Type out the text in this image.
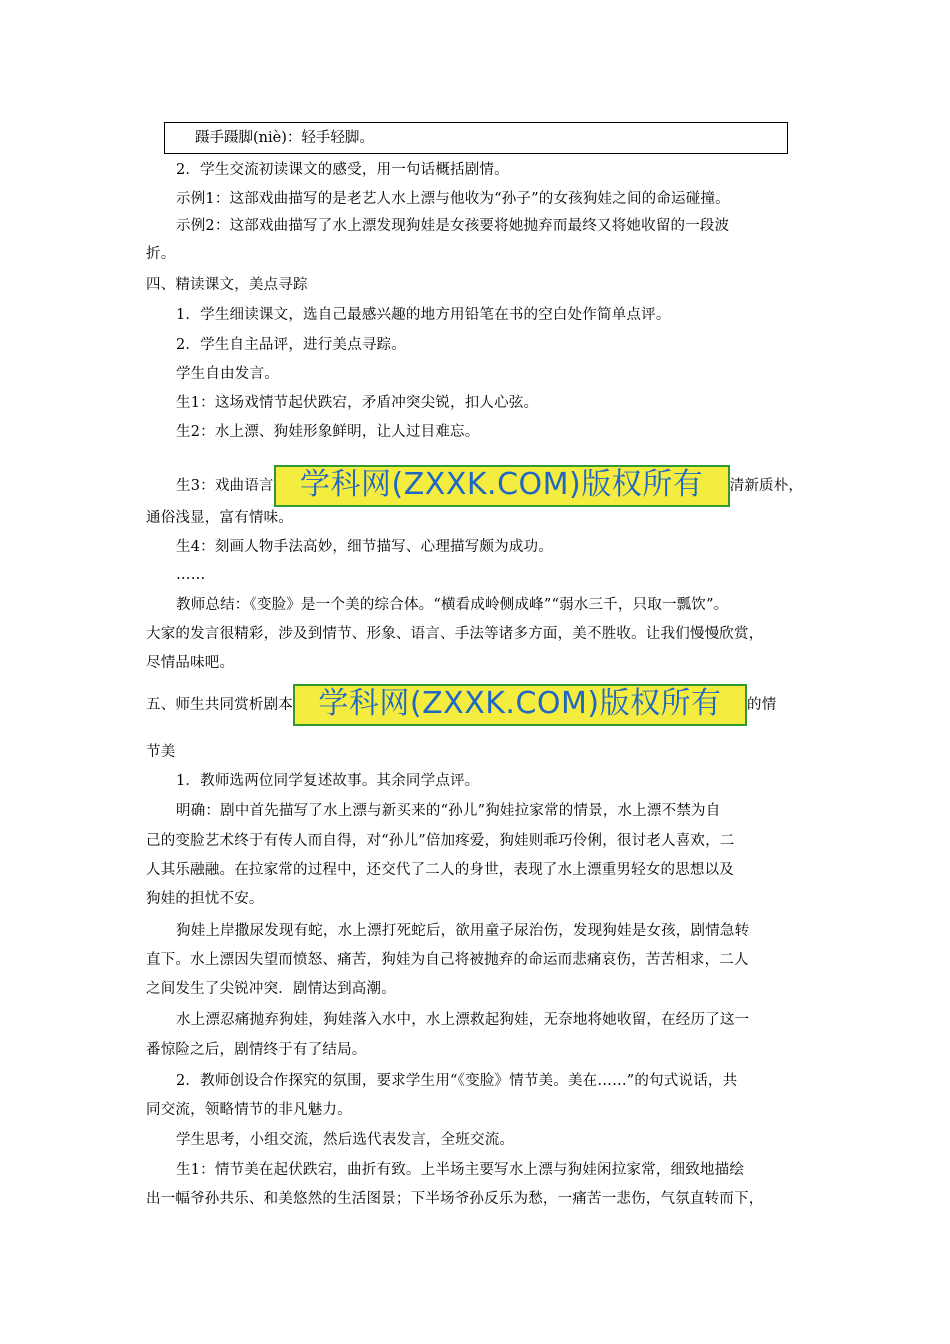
蹑手蹑脚(niè)：轻手轻脚。
2．学生交流初读课文的感受，用一句话概括剧情。
示例1：这部戏曲描写的是老艺人水上漂与他收为“孙子”的女孩狗娃之间的命运碰撞。
示例2：这部戏曲描写了水上漂发现狗娃是女孩要将她抛弃而最终又将她收留的一段波
折。
四、精读课文，美点寻踪
1．学生细读课文，选自己最感兴趣的地方用铅笔在书的空白处作简单点评。
2．学生自主品评，进行美点寻踪。
学生自由发言。
生1：这场戏情节起伏跌宕，矛盾冲突尖锐，扣人心弦。
生2：水上漂、狗娃形象鲜明，让人过目难忘。
生3：戏曲语言 学科网(ZXXK.COM)版权所有 清新质朴，
通俗浅显，富有情味。
生4：刻画人物手法高妙，细节描写、心理描写颇为成功。
……
教师总结：《变脸》是一个美的综合体。“横看成岭侧成峰”“弱水三千，只取一瓢饮”。
大家的发言很精彩，涉及到情节、形象、语言、手法等诸多方面，美不胜收。让我们慢慢欣赏，
尽情品味吧。
五、师生共同赏析剧本 学科网(ZXXK.COM)版权所有 的情
节美
1．教师选两位同学复述故事。其余同学点评。
明确：剧中首先描写了水上漂与新买来的“孙儿”狗娃拉家常的情景，水上漂不禁为自
己的变脸艺术终于有传人而自得，对“孙儿”倍加疼爱，狗娃则乖巧伶俐，很讨老人喜欢，二
人其乐融融。在拉家常的过程中，还交代了二人的身世，表现了水上漂重男轻女的思想以及
狗娃的担忧不安。
狗娃上岸撒尿发现有蛇，水上漂打死蛇后，欲用童子尿治伤，发现狗娃是女孩，剧情急转
直下。水上漂因失望而愤怒、痛苦，狗娃为自己将被抛弃的命运而悲痛哀伤，苦苦相求，二人
之间发生了尖锐冲突．剧情达到高潮。
水上漂忍痛抛弃狗娃，狗娃落入水中，水上漂救起狗娃，无奈地将她收留，在经历了这一
番惊险之后，剧情终于有了结局。
2．教师创设合作探究的氛围，要求学生用“《变脸》情节美。美在……”的句式说话，共
同交流，领略情节的非凡魅力。
学生思考，小组交流，然后选代表发言，全班交流。
生1：情节美在起伏跌宕，曲折有致。上半场主要写水上漂与狗娃闲拉家常，细致地描绘
出一幅爷孙共乐、和美悠然的生活图景；下半场爷孙反乐为愁，一痛苦一悲伤，气氛直转而下，
